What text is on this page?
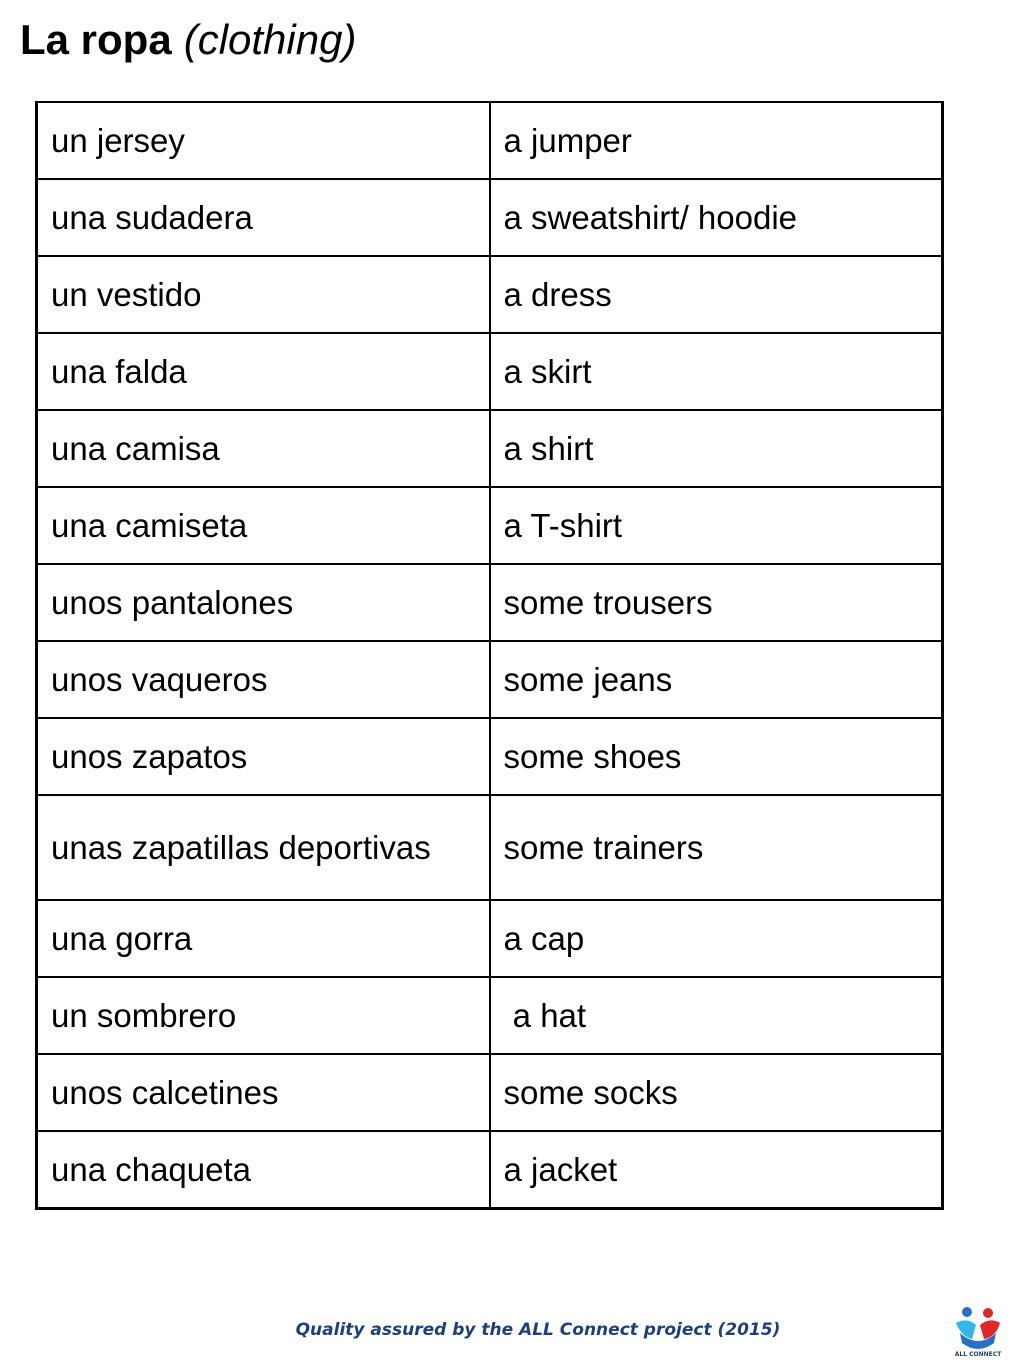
La ropa (clothing)
un jersey	a jumper
una sudadera	a sweatshirt/ hoodie
un vestido	a dress
una falda	a skirt
una camisa	a shirt
una camiseta	a T-shirt
unos pantalones	some trousers
unos vaqueros	some jeans
unos zapatos	some shoes
unas zapatillas deportivas	some trainers
una gorra	a cap
un sombrero	a hat
unos calcetines	some socks
una chaqueta	a jacket
Quality assured by the ALL Connect project (2015)
ALL CONNECT
